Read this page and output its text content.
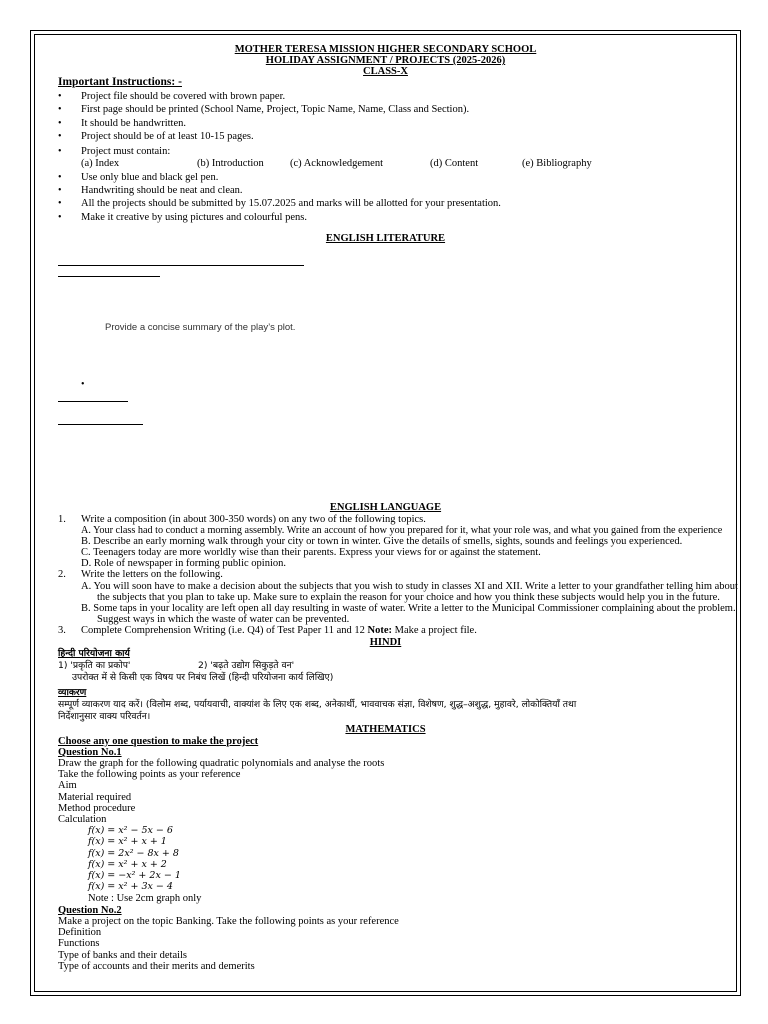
MOTHER TERESA MISSION HIGHER SECONDARY SCHOOL
HOLIDAY ASSIGNMENT / PROJECTS (2025-2026)
CLASS-X
Important Instructions: -
• Project file should be covered with brown paper.
• First page should be printed (School Name, Project, Topic Name, Name, Class and Section).
• It should be handwritten.
• Project should be of at least 10-15 pages.
• Project must contain:
(a) Index	(b) Introduction (c) Acknowledgement	(d) Content	(e) Bibliography
• Use only blue and black gel pen.
• Handwriting should be neat and clean.
• All the projects should be submitted by 15.07.2025 and marks will be allotted for your presentation.
• Make it creative by using pictures and colourful pens.
ENGLISH LITERATURE
Provide a concise summary of the play’s plot.
•
ENGLISH LANGUAGE
1. Write a composition (in about 300-350 words) on any two of the following topics.
A. Your class had to conduct a morning assembly. Write an account of how you prepared for it, what your role was, and what you gained from the experience
B. Describe an early morning walk through your city or town in winter. Give the details of smells, sights, sounds and feelings you experienced.
C. Teenagers today are more worldly wise than their parents. Express your views for or against the statement.
D. Role of newspaper in forming public opinion.
2. Write the letters on the following.
A. You will soon have to make a decision about the subjects that you wish to study in classes XI and XII. Write a letter to your grandfather telling him about
the subjects that you plan to take up. Make sure to explain the reason for your choice and how you think these subjects would help you in the future.
B. Some taps in your locality are left open all day resulting in waste of water. Write a letter to the Municipal Commissioner complaining about the problem.
Suggest ways in which the waste of water can be prevented.
3. Complete Comprehension Writing (i.e. Q4) of Test Paper 11 and 12 Note: Make a project file.
HINDI
हिन्दी परियोजना कार्य
1) 'प्रकृति का प्रकोप'	2) 'बढ़ते उद्योग सिकुड़ते वन'
उपरोक्त में से किसी एक विषय पर निबंध लिखें (हिन्दी परियोजना कार्य लिखिए)
व्याकरण
सम्पूर्ण व्याकरण याद करें। (विलोम शब्द, पर्यायवाची, वाक्यांश के लिए एक शब्द, अनेकार्थी, भाववाचक संज्ञा, विशेषण, शुद्ध–अशुद्ध, मुहावरे, लोकोक्तियाँ तथा
निर्देशानुसार वाक्य परिवर्तन।
MATHEMATICS
Choose any one question to make the project
Question No.1
Draw the graph for the following quadratic polynomials and analyse the roots
Take the following points as your reference
Aim
Material required
Method procedure
Calculation
f(x) = x² − 5x − 6
f(x) = x² + x + 1
f(x) = 2x² − 8x + 8
f(x) = x² + x + 2
f(x) = −x² + 2x − 1
f(x) = x² + 3x − 4
Note : Use 2cm graph only
Question No.2
Make a project on the topic Banking. Take the following points as your reference
Definition
Functions
Type of banks and their details
Type of accounts and their merits and demerits
